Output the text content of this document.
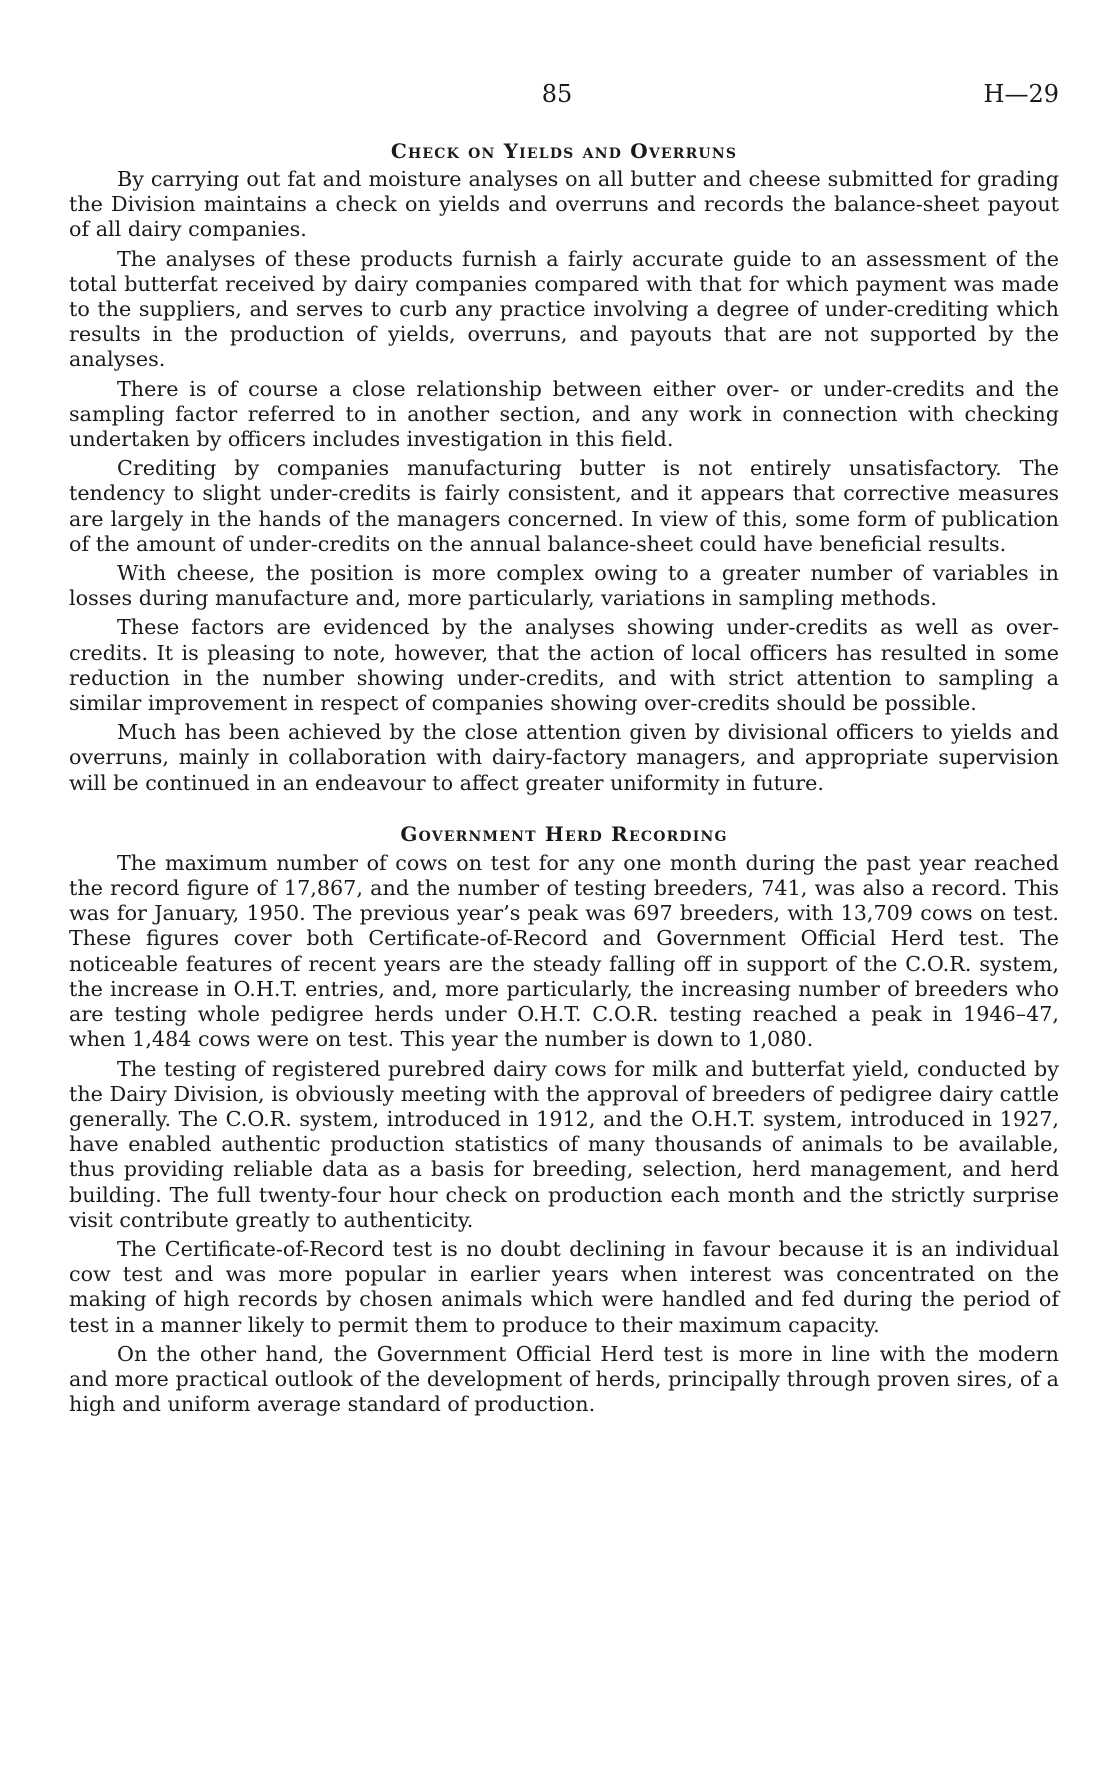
85	H—29
Check on Yields and Overruns

By carrying out fat and moisture analyses on all butter and cheese submitted for grading the Division maintains a check on yields and overruns and records the balance-sheet payout of all dairy companies.

The analyses of these products furnish a fairly accurate guide to an assessment of the total butterfat received by dairy companies compared with that for which payment was made to the suppliers, and serves to curb any practice involving a degree of under-crediting which results in the production of yields, overruns, and payouts that are not supported by the analyses.

There is of course a close relationship between either over- or under-credits and the sampling factor referred to in another section, and any work in connection with checking undertaken by officers includes investigation in this field.

Crediting by companies manufacturing butter is not entirely unsatisfactory. The tendency to slight under-credits is fairly consistent, and it appears that corrective measures are largely in the hands of the managers concerned. In view of this, some form of publication of the amount of under-credits on the annual balance-sheet could have beneficial results.

With cheese, the position is more complex owing to a greater number of variables in losses during manufacture and, more particularly, variations in sampling methods.

These factors are evidenced by the analyses showing under-credits as well as over-credits. It is pleasing to note, however, that the action of local officers has resulted in some reduction in the number showing under-credits, and with strict attention to sampling a similar improvement in respect of companies showing over-credits should be possible.

Much has been achieved by the close attention given by divisional officers to yields and overruns, mainly in collaboration with dairy-factory managers, and appropriate supervision will be continued in an endeavour to affect greater uniformity in future.

Government Herd Recording

The maximum number of cows on test for any one month during the past year reached the record figure of 17,867, and the number of testing breeders, 741, was also a record. This was for January, 1950. The previous year’s peak was 697 breeders, with 13,709 cows on test. These figures cover both Certificate-of-Record and Government Official Herd test. The noticeable features of recent years are the steady falling off in support of the C.O.R. system, the increase in O.H.T. entries, and, more particularly, the increasing number of breeders who are testing whole pedigree herds under O.H.T. C.O.R. testing reached a peak in 1946–47, when 1,484 cows were on test. This year the number is down to 1,080.

The testing of registered purebred dairy cows for milk and butterfat yield, conducted by the Dairy Division, is obviously meeting with the approval of breeders of pedigree dairy cattle generally. The C.O.R. system, introduced in 1912, and the O.H.T. system, introduced in 1927, have enabled authentic production statistics of many thousands of animals to be available, thus providing reliable data as a basis for breeding, selection, herd management, and herd building. The full twenty-four hour check on production each month and the strictly surprise visit contribute greatly to authenticity.

The Certificate-of-Record test is no doubt declining in favour because it is an individual cow test and was more popular in earlier years when interest was concentrated on the making of high records by chosen animals which were handled and fed during the period of test in a manner likely to permit them to produce to their maximum capacity.

On the other hand, the Government Official Herd test is more in line with the modern and more practical outlook of the development of herds, principally through proven sires, of a high and uniform average standard of production.
